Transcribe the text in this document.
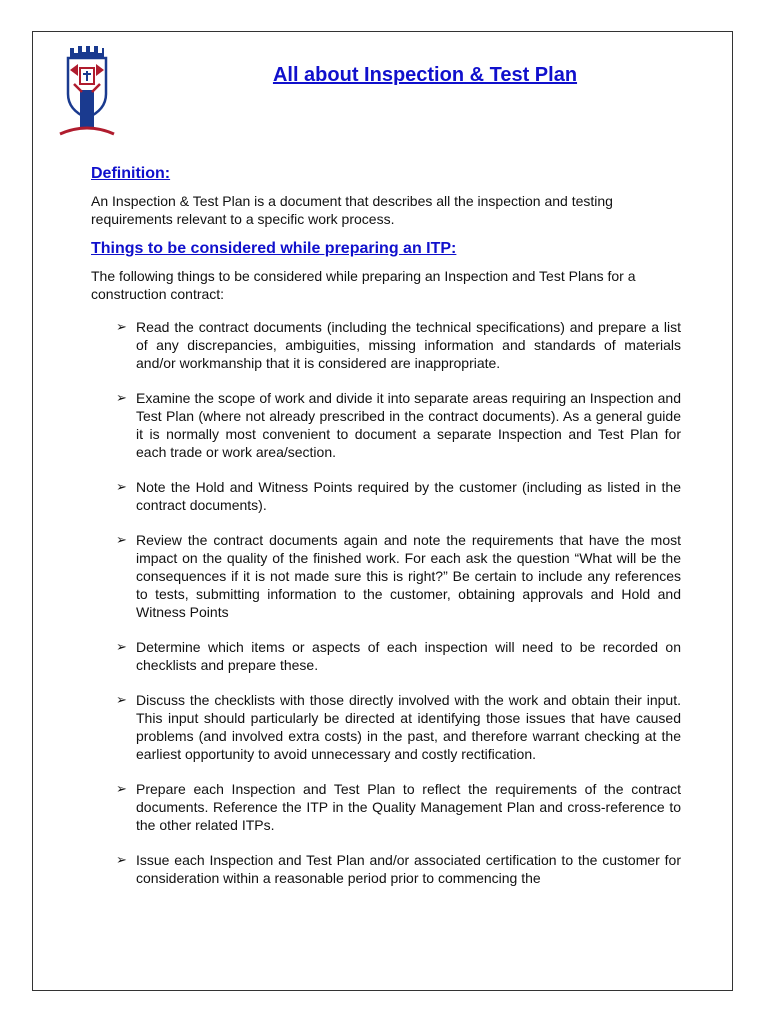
All about Inspection & Test Plan
Definition:

An Inspection & Test Plan is a document that describes all the inspection and testing requirements relevant to a specific work process.

Things to be considered while preparing an ITP:

The following things to be considered while preparing an Inspection and Test Plans for a construction contract:

➢ Read the contract documents (including the technical specifications) and prepare a list of any discrepancies, ambiguities, missing information and standards of materials and/or workmanship that it is considered are inappropriate.
➢ Examine the scope of work and divide it into separate areas requiring an Inspection and Test Plan (where not already prescribed in the contract documents). As a general guide it is normally most convenient to document a separate Inspection and Test Plan for each trade or work area/section.
➢ Note the Hold and Witness Points required by the customer (including as listed in the contract documents).
➢ Review the contract documents again and note the requirements that have the most impact on the quality of the finished work. For each ask the question “What will be the consequences if it is not made sure this is right?” Be certain to include any references to tests, submitting information to the customer, obtaining approvals and Hold and Witness Points
➢ Determine which items or aspects of each inspection will need to be recorded on checklists and prepare these.
➢ Discuss the checklists with those directly involved with the work and obtain their input. This input should particularly be directed at identifying those issues that have caused problems (and involved extra costs) in the past, and therefore warrant checking at the earliest opportunity to avoid unnecessary and costly rectification.
➢ Prepare each Inspection and Test Plan to reflect the requirements of the contract documents. Reference the ITP in the Quality Management Plan and cross-reference to the other related ITPs.
➢ Issue each Inspection and Test Plan and/or associated certification to the customer for consideration within a reasonable period prior to commencing the
